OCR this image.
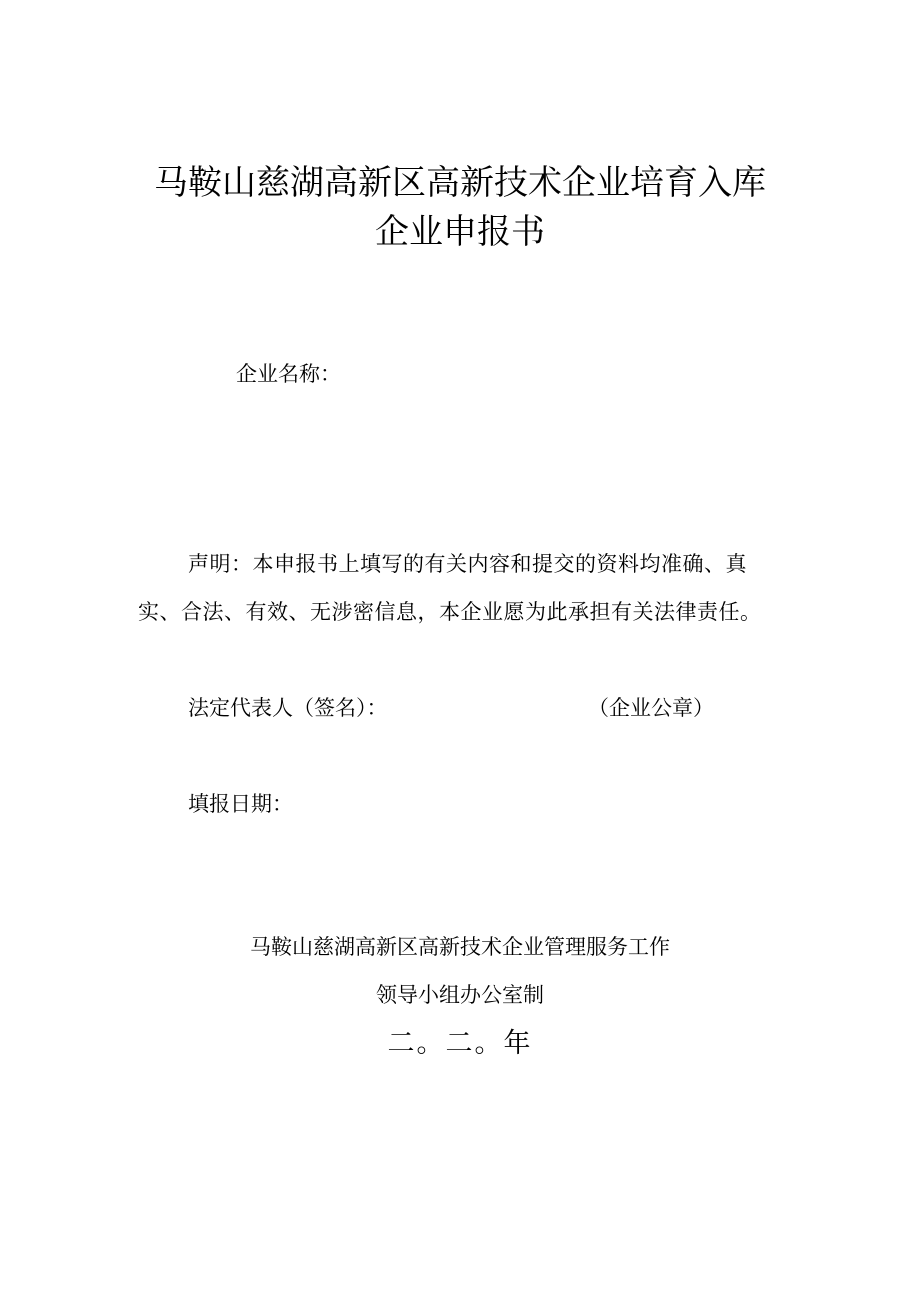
马鞍山慈湖高新区高新技术企业培育入库
企业申报书
企业名称：
声明：本申报书上填写的有关内容和提交的资料均准确、真
实、合法、有效、无涉密信息，本企业愿为此承担有关法律责任。
法定代表人（签名）：	（企业公章）
填报日期：
马鞍山慈湖高新区高新技术企业管理服务工作
领导小组办公室制
二。二。年
